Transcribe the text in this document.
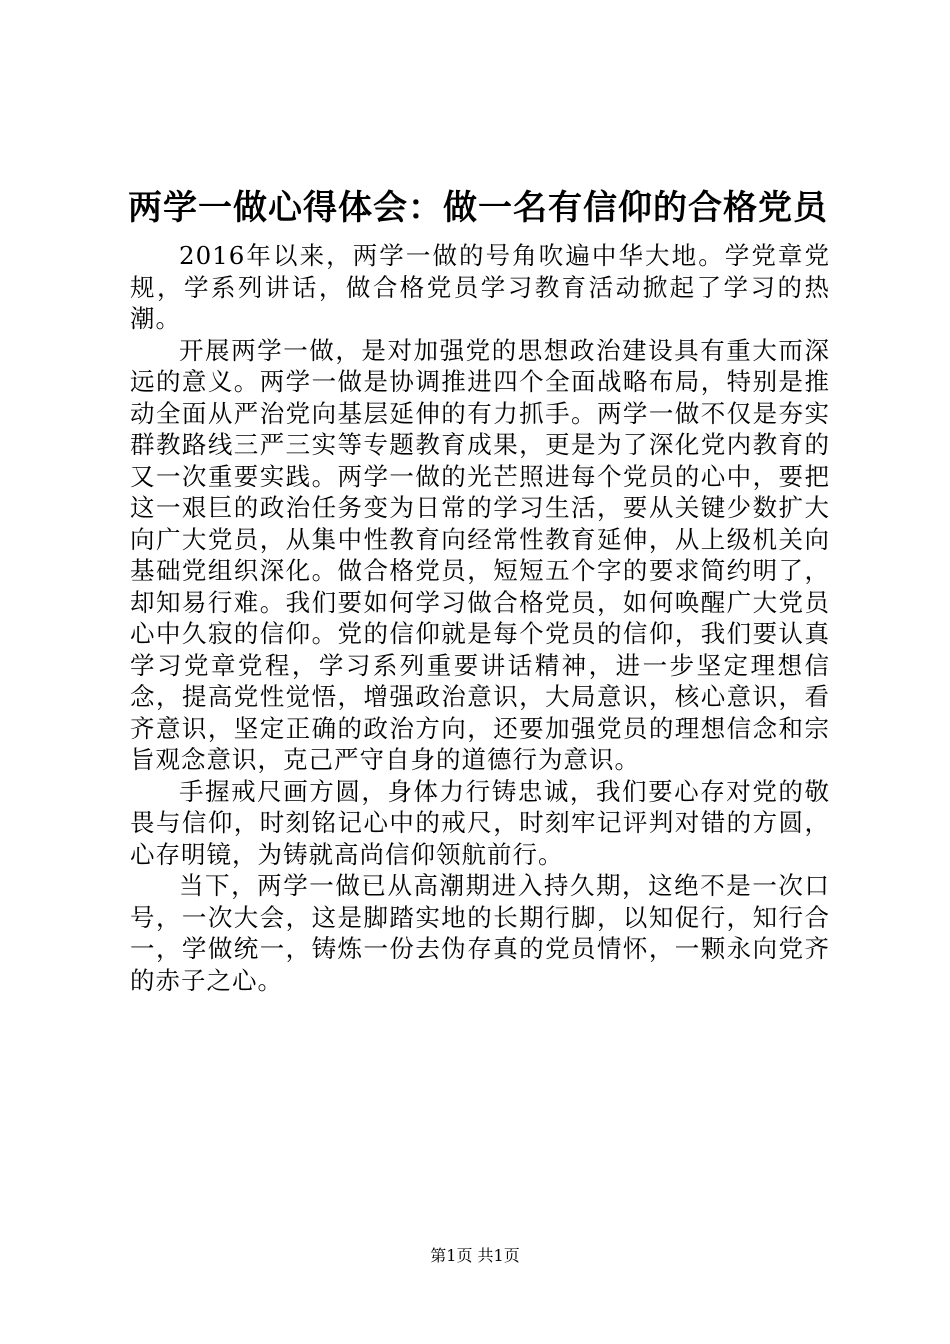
两学一做心得体会：做一名有信仰的合格党员

2016年以来，两学一做的号角吹遍中华大地。学党章党规，学系列讲话，做合格党员学习教育活动掀起了学习的热潮。

开展两学一做，是对加强党的思想政治建设具有重大而深远的意义。两学一做是协调推进四个全面战略布局，特别是推动全面从严治党向基层延伸的有力抓手。两学一做不仅是夯实群教路线三严三实等专题教育成果，更是为了深化党内教育的又一次重要实践。两学一做的光芒照进每个党员的心中，要把这一艰巨的政治任务变为日常的学习生活，要从关键少数扩大向广大党员，从集中性教育向经常性教育延伸，从上级机关向基础党组织深化。做合格党员，短短五个字的要求简约明了，却知易行难。我们要如何学习做合格党员，如何唤醒广大党员心中久寂的信仰。党的信仰就是每个党员的信仰，我们要认真学习党章党程，学习系列重要讲话精神，进一步坚定理想信念，提高党性觉悟，增强政治意识，大局意识，核心意识，看齐意识，坚定正确的政治方向，还要加强党员的理想信念和宗旨观念意识，克己严守自身的道德行为意识。

手握戒尺画方圆，身体力行铸忠诚，我们要心存对党的敬畏与信仰，时刻铭记心中的戒尺，时刻牢记评判对错的方圆，心存明镜，为铸就高尚信仰领航前行。

当下，两学一做已从高潮期进入持久期，这绝不是一次口号，一次大会，这是脚踏实地的长期行脚，以知促行，知行合一，学做统一，铸炼一份去伪存真的党员情怀，一颗永向党齐的赤子之心。

第1页 共1页
